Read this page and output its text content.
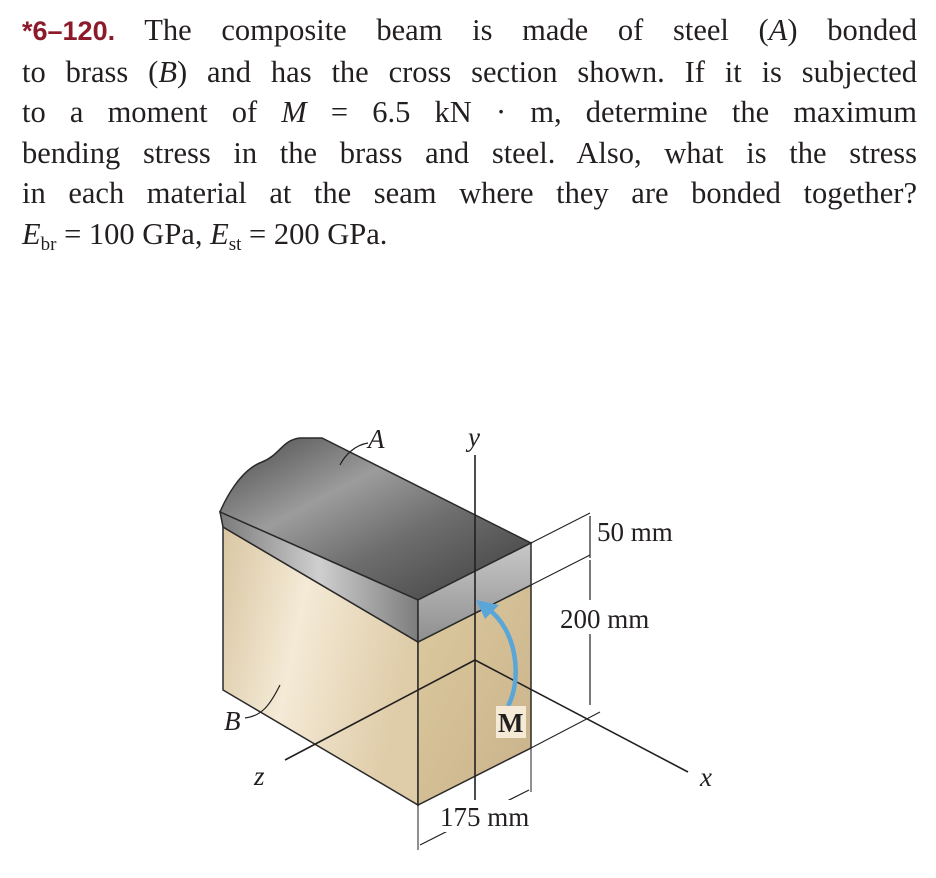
*6–120. The composite beam is made of steel (A) bonded
to brass (B) and has the cross section shown. If it is subjected
to a moment of M = 6.5 kN · m, determine the maximum
bending stress in the brass and steel. Also, what is the stress
in each material at the seam where they are bonded together?
$E_{br} = 100$ GPa, $E_{st} = 200$ GPa.
M
50 mm
200 mm
175 mm
A	y
B
z	x
